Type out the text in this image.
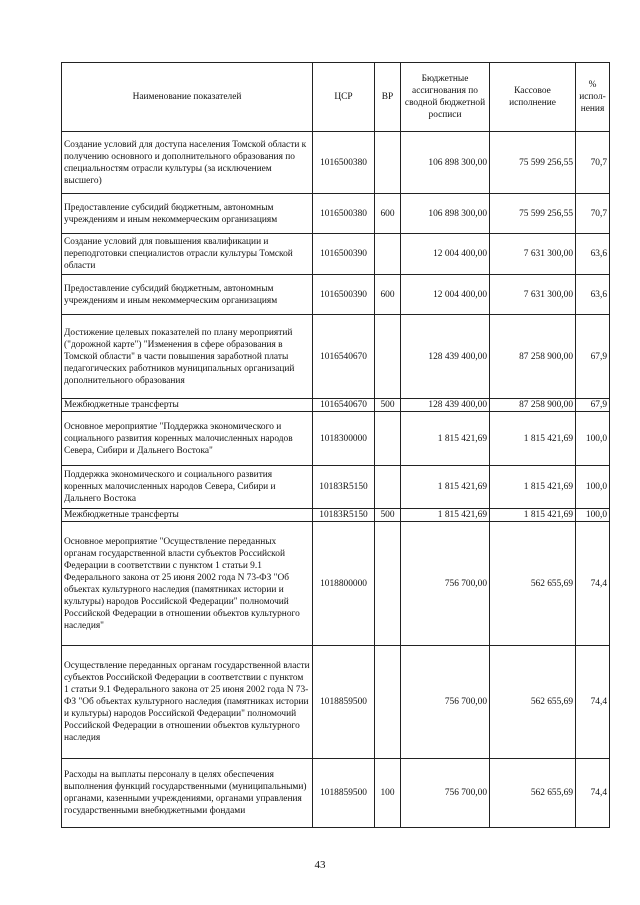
Наименование показателей	ЦСР	ВР	Бюджетные ассигнования по сводной бюджетной росписи	Кассовое исполнение	% испол-нения
Создание условий для доступа населения Томской области к получению основного и дополнительного образования по специальностям отрасли культуры (за исключением высшего)	1016500380		106 898 300,00	75 599 256,55	70,7
Предоставление субсидий бюджетным, автономным учреждениям и иным некоммерческим организациям	1016500380	600	106 898 300,00	75 599 256,55	70,7
Создание условий для повышения квалификации и переподготовки специалистов отрасли культуры Томской области	1016500390		12 004 400,00	7 631 300,00	63,6
Предоставление субсидий бюджетным, автономным учреждениям и иным некоммерческим организациям	1016500390	600	12 004 400,00	7 631 300,00	63,6
Достижение целевых показателей по плану мероприятий ("дорожной карте") "Изменения в сфере образования в Томской области" в части повышения заработной платы педагогических работников муниципальных организаций дополнительного образования	1016540670		128 439 400,00	87 258 900,00	67,9
Межбюджетные трансферты	1016540670	500	128 439 400,00	87 258 900,00	67,9
Основное мероприятие "Поддержка экономического и социального развития коренных малочисленных народов Севера, Сибири и Дальнего Востока"	1018300000		1 815 421,69	1 815 421,69	100,0
Поддержка экономического и социального развития коренных малочисленных народов Севера, Сибири и Дальнего Востока	10183R5150		1 815 421,69	1 815 421,69	100,0
Межбюджетные трансферты	10183R5150	500	1 815 421,69	1 815 421,69	100,0
Основное мероприятие "Осуществление переданных органам государственной власти субъектов Российской Федерации в соответствии с пунктом 1 статьи 9.1 Федерального закона от 25 июня 2002 года N 73-ФЗ "Об объектах культурного наследия (памятниках истории и культуры) народов Российской Федерации" полномочий Российской Федерации в отношении объектов культурного наследия"	1018800000		756 700,00	562 655,69	74,4
Осуществление переданных органам государственной власти субъектов Российской Федерации в соответствии с пунктом 1 статьи 9.1 Федерального закона от 25 июня 2002 года N 73-ФЗ "Об объектах культурного наследия (памятниках истории и культуры) народов Российской Федерации" полномочий Российской Федерации в отношении объектов культурного наследия	1018859500		756 700,00	562 655,69	74,4
Расходы на выплаты персоналу в целях обеспечения выполнения функций государственными (муниципальными) органами, казенными учреждениями, органами управления государственными внебюджетными фондами	1018859500	100	756 700,00	562 655,69	74,4
43
